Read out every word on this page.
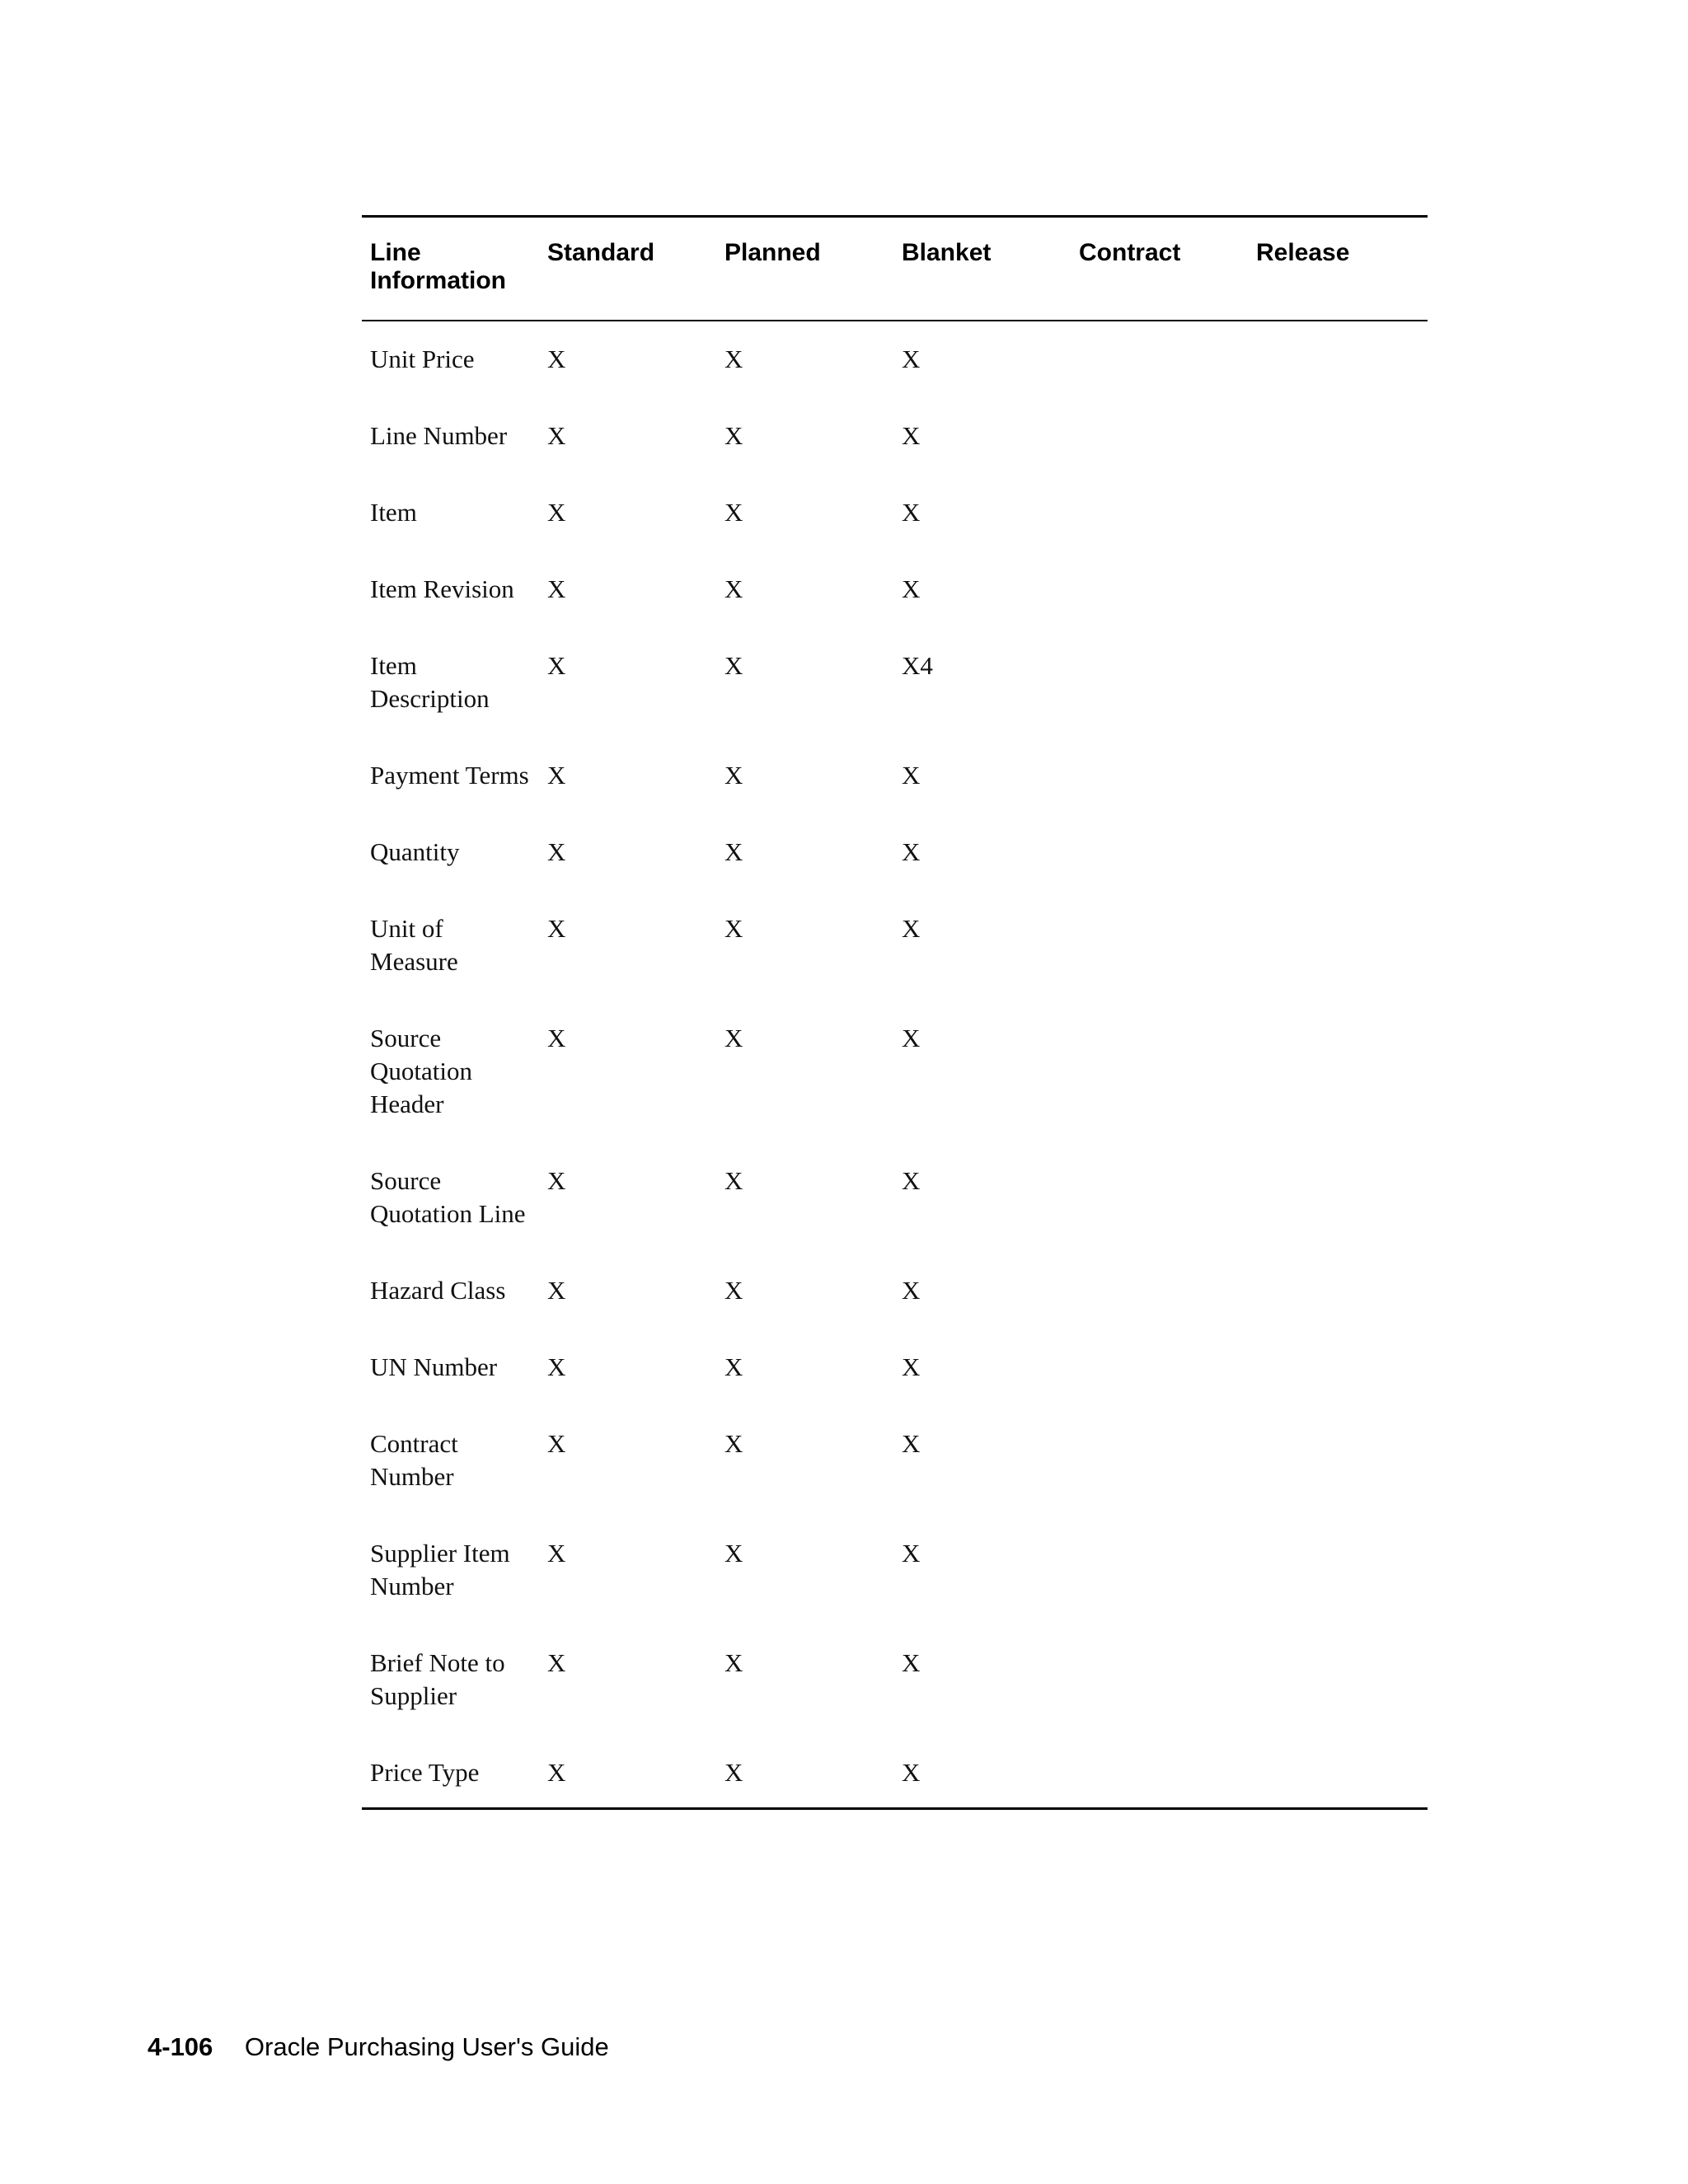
Line Information	Standard	Planned	Blanket	Contract	Release
Unit Price	X	X	X		
Line Number	X	X	X		
Item	X	X	X		
Item Revision	X	X	X		
Item Description	X	X	X4		
Payment Terms	X	X	X		
Quantity	X	X	X		
Unit of Measure	X	X	X		
Source Quotation Header	X	X	X		
Source Quotation Line	X	X	X		
Hazard Class	X	X	X		
UN Number	X	X	X		
Contract Number	X	X	X		
Supplier Item Number	X	X	X		
Brief Note to Supplier	X	X	X		
Price Type	X	X	X		
4-106 Oracle Purchasing User's Guide
